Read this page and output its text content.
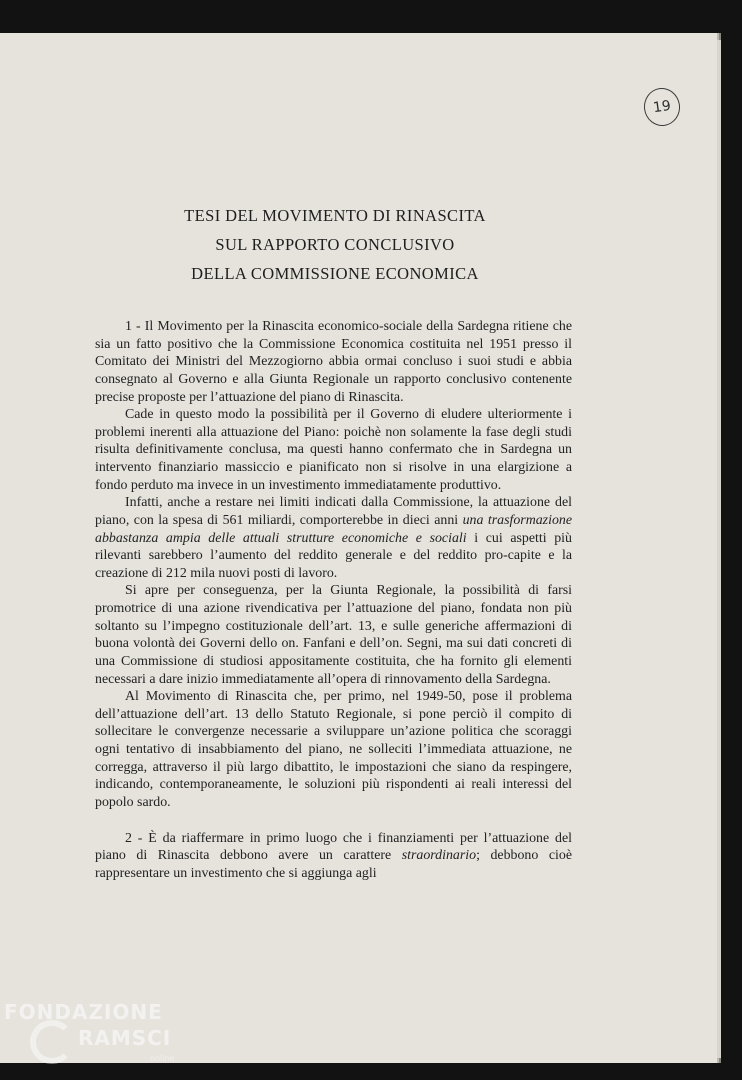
19
TESI DEL MOVIMENTO DI RINASCITA
SUL RAPPORTO CONCLUSIVO
DELLA COMMISSIONE ECONOMICA

1 - Il Movimento per la Rinascita economico-sociale della Sardegna ritiene che sia un fatto positivo che la Commissione Economica costituita nel 1951 presso il Comitato dei Ministri del Mezzogiorno abbia ormai concluso i suoi studi e abbia consegnato al Governo e alla Giunta Regionale un rapporto conclusivo contenente precise proposte per l’attuazione del piano di Rinascita.

Cade in questo modo la possibilità per il Governo di eludere ulteriormente i problemi inerenti alla attuazione del Piano: poichè non solamente la fase degli studi risulta definitivamente conclusa, ma questi hanno confermato che in Sardegna un intervento finanziario massiccio e pianificato non si risolve in una elargizione a fondo perduto ma invece in un investimento immediatamente produttivo.

Infatti, anche a restare nei limiti indicati dalla Commissione, la attuazione del piano, con la spesa di 561 miliardi, comporterebbe in dieci anni una trasformazione abbastanza ampia delle attuali strutture economiche e sociali i cui aspetti più rilevanti sarebbero l’aumento del reddito generale e del reddito pro-capite e la creazione di 212 mila nuovi posti di lavoro.

Si apre per conseguenza, per la Giunta Regionale, la possibilità di farsi promotrice di una azione rivendicativa per l’attuazione del piano, fondata non più soltanto su l’impegno costituzionale dell’art. 13, e sulle generiche affermazioni di buona volontà dei Governi dello on. Fanfani e dell’on. Segni, ma sui dati concreti di una Commissione di studiosi appositamente costituita, che ha fornito gli elementi necessari a dare inizio immediatamente all’opera di rinnovamento della Sardegna.

Al Movimento di Rinascita che, per primo, nel 1949-50, pose il problema dell’attuazione dell’art. 13 dello Statuto Regionale, si pone perciò il compito di sollecitare le convergenze necessarie a sviluppare un’azione politica che scoraggi ogni tentativo di insabbiamento del piano, ne solleciti l’immediata attuazione, ne corregga, attraverso il più largo dibattito, le impostazioni che siano da respingere, indicando, contemporaneamente, le soluzioni più rispondenti ai reali interessi del popolo sardo.

2 - È da riaffermare in primo luogo che i finanziamenti per l’attuazione del piano di Rinascita debbono avere un carattere straordinario; debbono cioè rappresentare un investimento che si aggiunga agli

FONDAZIONE
RAMSCI
online
